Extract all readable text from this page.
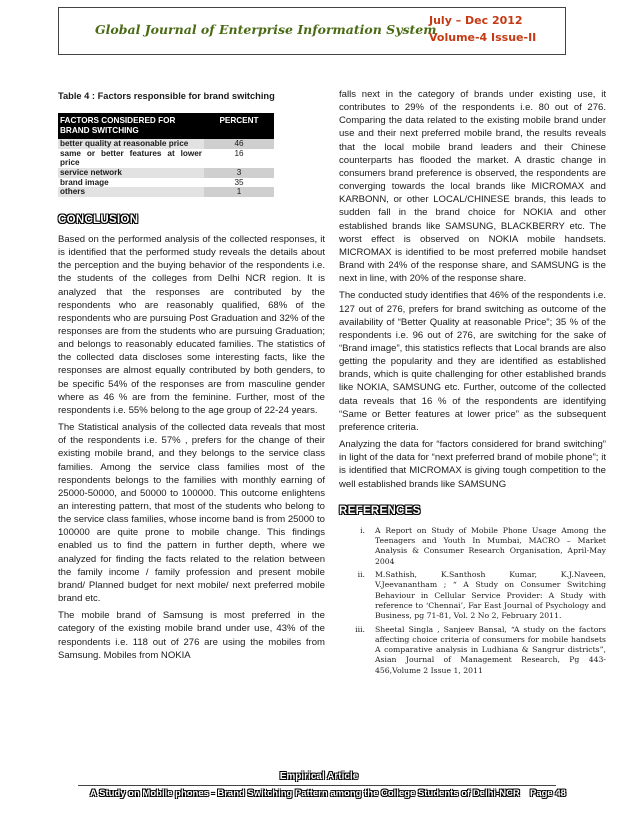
Global Journal of Enterprise Information System
July – Dec 2012
Volume-4 Issue-II
Table 4 : Factors responsible for brand switching
FACTORS CONSIDERED FOR BRAND SWITCHING	PERCENT
better quality at reasonable price	46
same or better features at lower price	16
service network	3
brand image	35
others	1
CONCLUSION

Based on the performed analysis of the collected responses, it is identified that the performed study reveals the details about the perception and the buying behavior of the respondents i.e. the students of the colleges from Delhi NCR region. It is analyzed that the responses are contributed by the respondents who are reasonably qualified, 68% of the respondents who are pursuing Post Graduation and 32% of the responses are from the students who are pursuing Graduation; and belongs to reasonably educated families. The statistics of the collected data discloses some interesting facts, like the responses are almost equally contributed by both genders, to be specific 54% of the responses are from masculine gender where as 46 % are from the feminine. Further, most of the respondents i.e. 55% belong to the age group of 22-24 years.

The Statistical analysis of the collected data reveals that most of the respondents i.e. 57% , prefers for the change of their existing mobile brand, and they belongs to the service class families. Among the service class families most of the respondents belongs to the families with monthly earning of 25000-50000, and 50000 to 100000. This outcome enlightens an interesting pattern, that most of the students who belong to the service class families, whose income band is from 25000 to 100000 are quite prone to mobile change. This findings enabled us to find the pattern in further depth, where we analyzed for finding the facts related to the relation between the family income / family profession and present mobile brand/ Planned budget for next mobile/ next preferred mobile brand etc.

The mobile brand of Samsung is most preferred in the category of the existing mobile brand under use, 43% of the respondents i.e. 118 out of 276 are using the mobiles from Samsung. Mobiles from NOKIA

falls next in the category of brands under existing use, it contributes to 29% of the respondents i.e. 80 out of 276. Comparing the data related to the existing mobile brand under use and their next preferred mobile brand, the results reveals that the local mobile brand leaders and their Chinese counterparts has flooded the market. A drastic change in consumers brand preference is observed, the respondents are converging towards the local brands like MICROMAX and KARBONN, or other LOCAL/CHINESE brands, this leads to sudden fall in the brand choice for NOKIA and other established brands like SAMSUNG, BLACKBERRY etc. The worst effect is observed on NOKIA mobile handsets. MICROMAX is identified to be most preferred mobile handset Brand with 24% of the response share, and SAMSUNG is the next in line, with 20% of the response share.

The conducted study identifies that 46% of the respondents i.e. 127 out of 276, prefers for brand switching as outcome of the availability of “Better Quality at reasonable Price”; 35 % of the respondents i.e. 96 out of 276, are switching for the sake of “Brand image”, this statistics reflects that Local brands are also getting the popularity and they are identified as established brands, which is quite challenging for other established brands like NOKIA, SAMSUNG etc. Further, outcome of the collected data reveals that 16 % of the respondents are identifying “Same or Better features at lower price” as the subsequent preference criteria.

Analyzing the data for “factors considered for brand switching” in light of the data for “next preferred brand of mobile phone”; it is identified that MICROMAX is giving tough competition to the well established brands like SAMSUNG

REFERENCES
i. A Report on Study of Mobile Phone Usage Among the Teenagers and Youth In Mumbai, MACRO – Market Analysis & Consumer Research Organisation, April-May 2004
ii. M.Sathish, K.Santhosh Kumar, K.J.Naveen, V.Jeevanantham ; “ A Study on Consumer Switching Behaviour in Cellular Service Provider: A Study with reference to ‘Chennai’, Far East Journal of Psychology and Business, pg 71-81, Vol. 2 No 2, February 2011.
iii. Sheetal Singla , Sanjeev Bansal, “A study on the factors affecting choice criteria of consumers for mobile handsets A comparative analysis in Ludhiana & Sangrur districts”, Asian Journal of Management Research, Pg 443-456,Volume 2 Issue 1, 2011
Empirical Article
A Study on Mobile phones - Brand Switching Pattern among the College Students of Delhi-NCR Page 48
